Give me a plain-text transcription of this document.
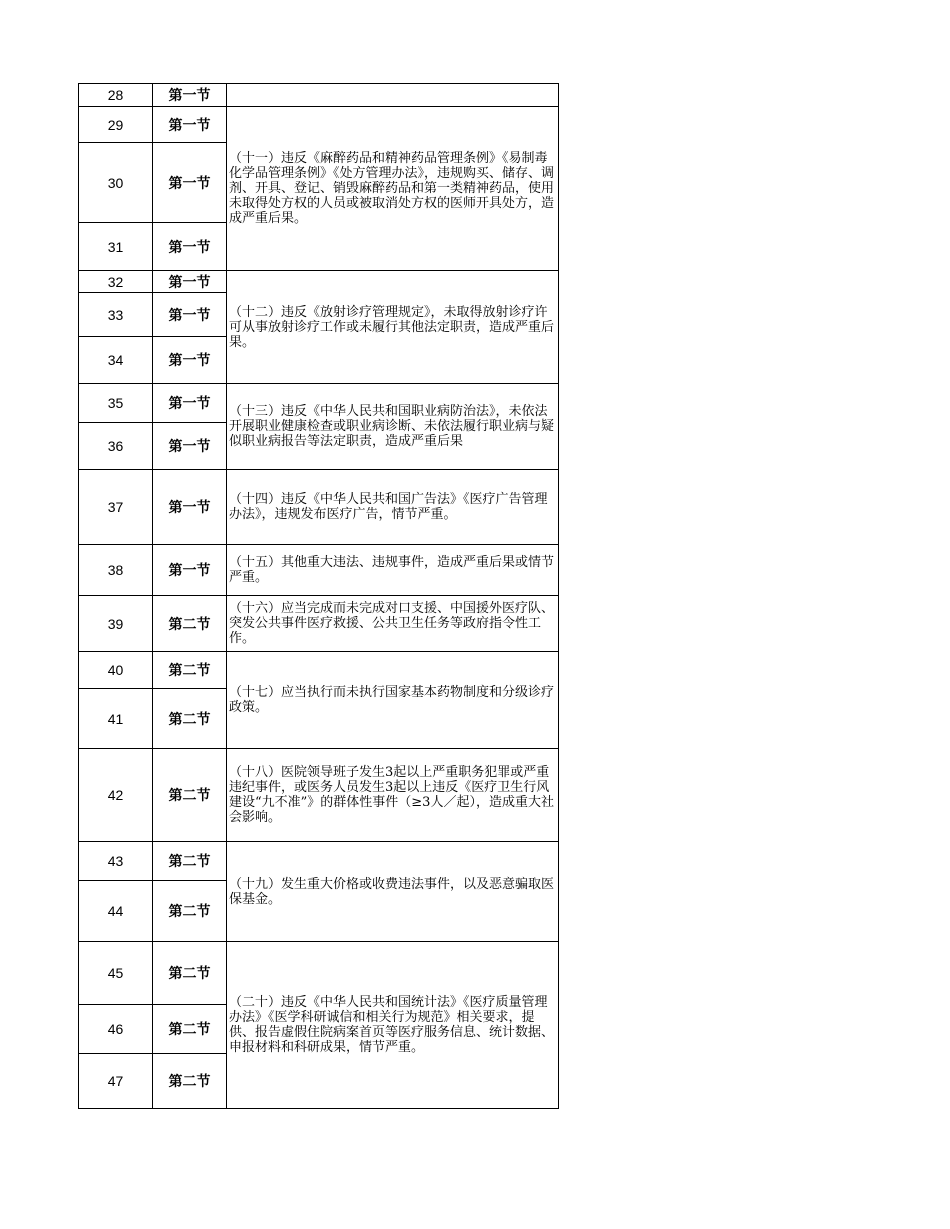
28	第一节	
29	第一节	（十一）违反《麻醉药品和精神药品管理条例》《易制毒化学品管理条例》《处方管理办法》，违规购买、储存、调剂、开具、登记、销毁麻醉药品和第一类精神药品，使用未取得处方权的人员或被取消处方权的医师开具处方，造成严重后果。
30	第一节	
31	第一节	
32	第一节	（十二）违反《放射诊疗管理规定》，未取得放射诊疗许可从事放射诊疗工作或未履行其他法定职责，造成严重后果。
33	第一节	
34	第一节	
35	第一节	（十三）违反《中华人民共和国职业病防治法》，未依法开展职业健康检查或职业病诊断、未依法履行职业病与疑似职业病报告等法定职责，造成严重后果
36	第一节	
37	第一节	（十四）违反《中华人民共和国广告法》《医疗广告管理办法》，违规发布医疗广告，情节严重。
38	第一节	（十五）其他重大违法、违规事件，造成严重后果或情节严重。
39	第二节	（十六）应当完成而未完成对口支援、中国援外医疗队、突发公共事件医疗救援、公共卫生任务等政府指令性工作。
40	第二节	（十七）应当执行而未执行国家基本药物制度和分级诊疗政策。
41	第二节	
42	第二节	（十八）医院领导班子发生3起以上严重职务犯罪或严重违纪事件，或医务人员发生3起以上违反《医疗卫生行风建设“九不准”》的群体性事件（≥3人／起），造成重大社会影响。
43	第二节	（十九）发生重大价格或收费违法事件，以及恶意骗取医保基金。
44	第二节	
45	第二节	（二十）违反《中华人民共和国统计法》《医疗质量管理办法》《医学科研诚信和相关行为规范》相关要求，提供、报告虚假住院病案首页等医疗服务信息、统计数据、申报材料和科研成果，情节严重。
46	第二节	
47	第二节	
